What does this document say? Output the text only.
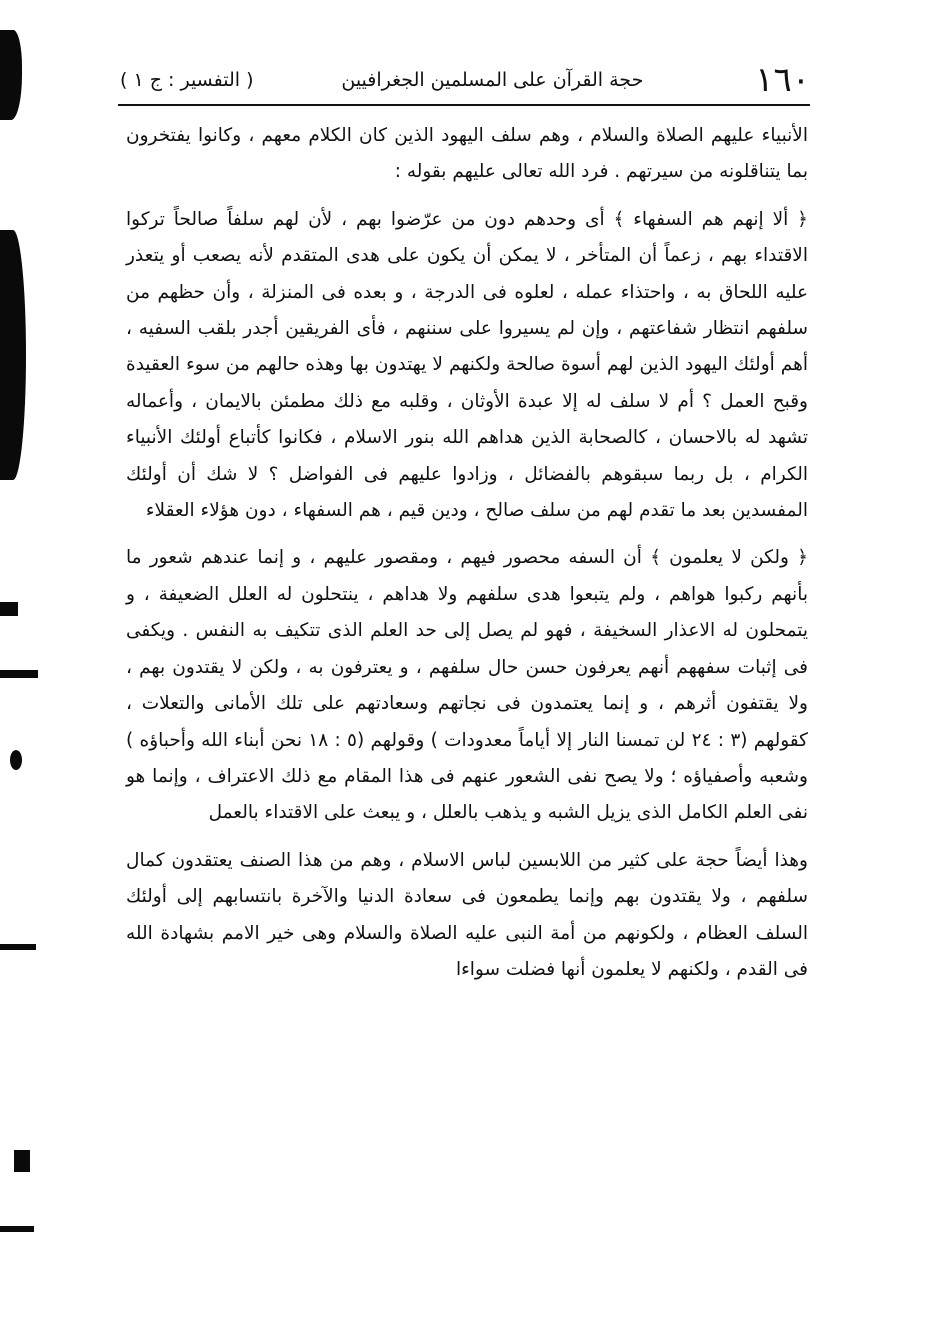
١٦٠
حجة القرآن على المسلمين الجغرافيين
( التفسير : ج ١ )

الأنبياء عليهم الصلاة والسلام ، وهم سلف اليهود الذين كان الكلام معهم ، وكانوا يفتخرون بما يتناقلونه من سيرتهم . فرد الله تعالى عليهم بقوله :

﴿ ألا إنهم هم السفهاء ﴾ أى وحدهم دون من عرّضوا بهم ، لأن لهم سلفاً صالحاً تركوا الاقتداء بهم ، زعماً أن المتأخر ، لا يمكن أن يكون على هدى المتقدم لأنه يصعب أو يتعذر عليه اللحاق به ، واحتذاء عمله ، لعلوه فى الدرجة ، و بعده فى المنزلة ، وأن حظهم من سلفهم انتظار شفاعتهم ، وإن لم يسيروا على سننهم ، فأى الفريقين أجدر بلقب السفيه ، أهم أولئك اليهود الذين لهم أسوة صالحة ولكنهم لا يهتدون بها وهذه حالهم من سوء العقيدة وقبح العمل ؟ أم لا سلف له إلا عبدة الأوثان ، وقلبه مع ذلك مطمئن بالايمان ، وأعماله تشهد له بالاحسان ، كالصحابة الذين هداهم الله بنور الاسلام ، فكانوا كأتباع أولئك الأنبياء الكرام ، بل ربما سبقوهم بالفضائل ، وزادوا عليهم فى الفواضل ؟ لا شك أن أولئك المفسدين بعد ما تقدم لهم من سلف صالح ، ودين قيم ، هم السفهاء ، دون هؤلاء العقلاء

﴿ ولكن لا يعلمون ﴾ أن السفه محصور فيهم ، ومقصور عليهم ، و إنما عندهم شعور ما بأنهم ركبوا هواهم ، ولم يتبعوا هدى سلفهم ولا هداهم ، ينتحلون له العلل الضعيفة ، و يتمحلون له الاعذار السخيفة ، فهو لم يصل إلى حد العلم الذى تتكيف به النفس . ويكفى فى إثبات سفههم أنهم يعرفون حسن حال سلفهم ، و يعترفون به ، ولكن لا يقتدون بهم ، ولا يقتفون أثرهم ، و إنما يعتمدون فى نجاتهم وسعادتهم على تلك الأمانى والتعلات ، كقولهم (٣ : ٢٤ لن تمسنا النار إلا أياماً معدودات ) وقولهم (٥ : ١٨ نحن أبناء الله وأحباؤه ) وشعبه وأصفياؤه ؛ ولا يصح نفى الشعور عنهم فى هذا المقام مع ذلك الاعتراف ، وإنما هو نفى العلم الكامل الذى يزيل الشبه و يذهب بالعلل ، و يبعث على الاقتداء بالعمل

وهذا أيضاً حجة على كثير من اللابسين لباس الاسلام ، وهم من هذا الصنف يعتقدون كمال سلفهم ، ولا يقتدون بهم وإنما يطمعون فى سعادة الدنيا والآخرة بانتسابهم إلى أولئك السلف العظام ، ولكونهم من أمة النبى عليه الصلاة والسلام وهى خير الامم بشهادة الله فى القدم ، ولكنهم لا يعلمون أنها فضلت سواءا
